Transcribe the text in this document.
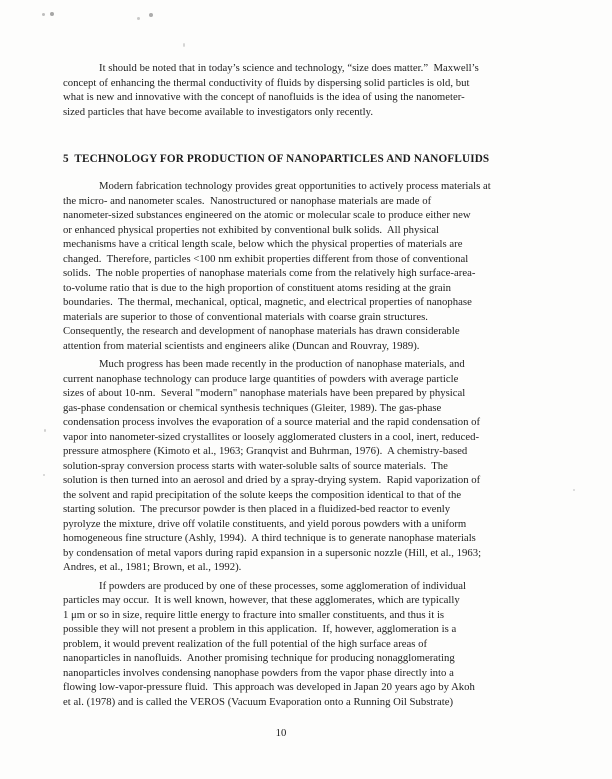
It should be noted that in today’s science and technology, “size does matter.”  Maxwell’s
concept of enhancing the thermal conductivity of fluids by dispersing solid particles is old, but
what is new and innovative with the concept of nanofluids is the idea of using the nanometer-
sized particles that have become available to investigators only recently.
5  TECHNOLOGY FOR PRODUCTION OF NANOPARTICLES AND NANOFLUIDS
Modern fabrication technology provides great opportunities to actively process materials at
the micro- and nanometer scales.  Nanostructured or nanophase materials are made of
nanometer-sized substances engineered on the atomic or molecular scale to produce either new
or enhanced physical properties not exhibited by conventional bulk solids.  All physical
mechanisms have a critical length scale, below which the physical properties of materials are
changed.  Therefore, particles <100 nm exhibit properties different from those of conventional
solids.  The noble properties of nanophase materials come from the relatively high surface-area-
to-volume ratio that is due to the high proportion of constituent atoms residing at the grain
boundaries.  The thermal, mechanical, optical, magnetic, and electrical properties of nanophase
materials are superior to those of conventional materials with coarse grain structures.
Consequently, the research and development of nanophase materials has drawn considerable
attention from material scientists and engineers alike (Duncan and Rouvray, 1989).
Much progress has been made recently in the production of nanophase materials, and
current nanophase technology can produce large quantities of powders with average particle
sizes of about 10-nm.  Several "modern" nanophase materials have been prepared by physical
gas-phase condensation or chemical synthesis techniques (Gleiter, 1989). The gas-phase
condensation process involves the evaporation of a source material and the rapid condensation of
vapor into nanometer-sized crystallites or loosely agglomerated clusters in a cool, inert, reduced-
pressure atmosphere (Kimoto et al., 1963; Granqvist and Buhrman, 1976).  A chemistry-based
solution-spray conversion process starts with water-soluble salts of source materials.  The
solution is then turned into an aerosol and dried by a spray-drying system.  Rapid vaporization of
the solvent and rapid precipitation of the solute keeps the composition identical to that of the
starting solution.  The precursor powder is then placed in a fluidized-bed reactor to evenly
pyrolyze the mixture, drive off volatile constituents, and yield porous powders with a uniform
homogeneous fine structure (Ashly, 1994).  A third technique is to generate nanophase materials
by condensation of metal vapors during rapid expansion in a supersonic nozzle (Hill, et al., 1963;
Andres, et al., 1981; Brown, et al., 1992).
If powders are produced by one of these processes, some agglomeration of individual
particles may occur.  It is well known, however, that these agglomerates, which are typically
1 μm or so in size, require little energy to fracture into smaller constituents, and thus it is
possible they will not present a problem in this application.  If, however, agglomeration is a
problem, it would prevent realization of the full potential of the high surface areas of
nanoparticles in nanofluids.  Another promising technique for producing nonagglomerating
nanoparticles involves condensing nanophase powders from the vapor phase directly into a
flowing low-vapor-pressure fluid.  This approach was developed in Japan 20 years ago by Akoh
et al. (1978) and is called the VEROS (Vacuum Evaporation onto a Running Oil Substrate)
10
